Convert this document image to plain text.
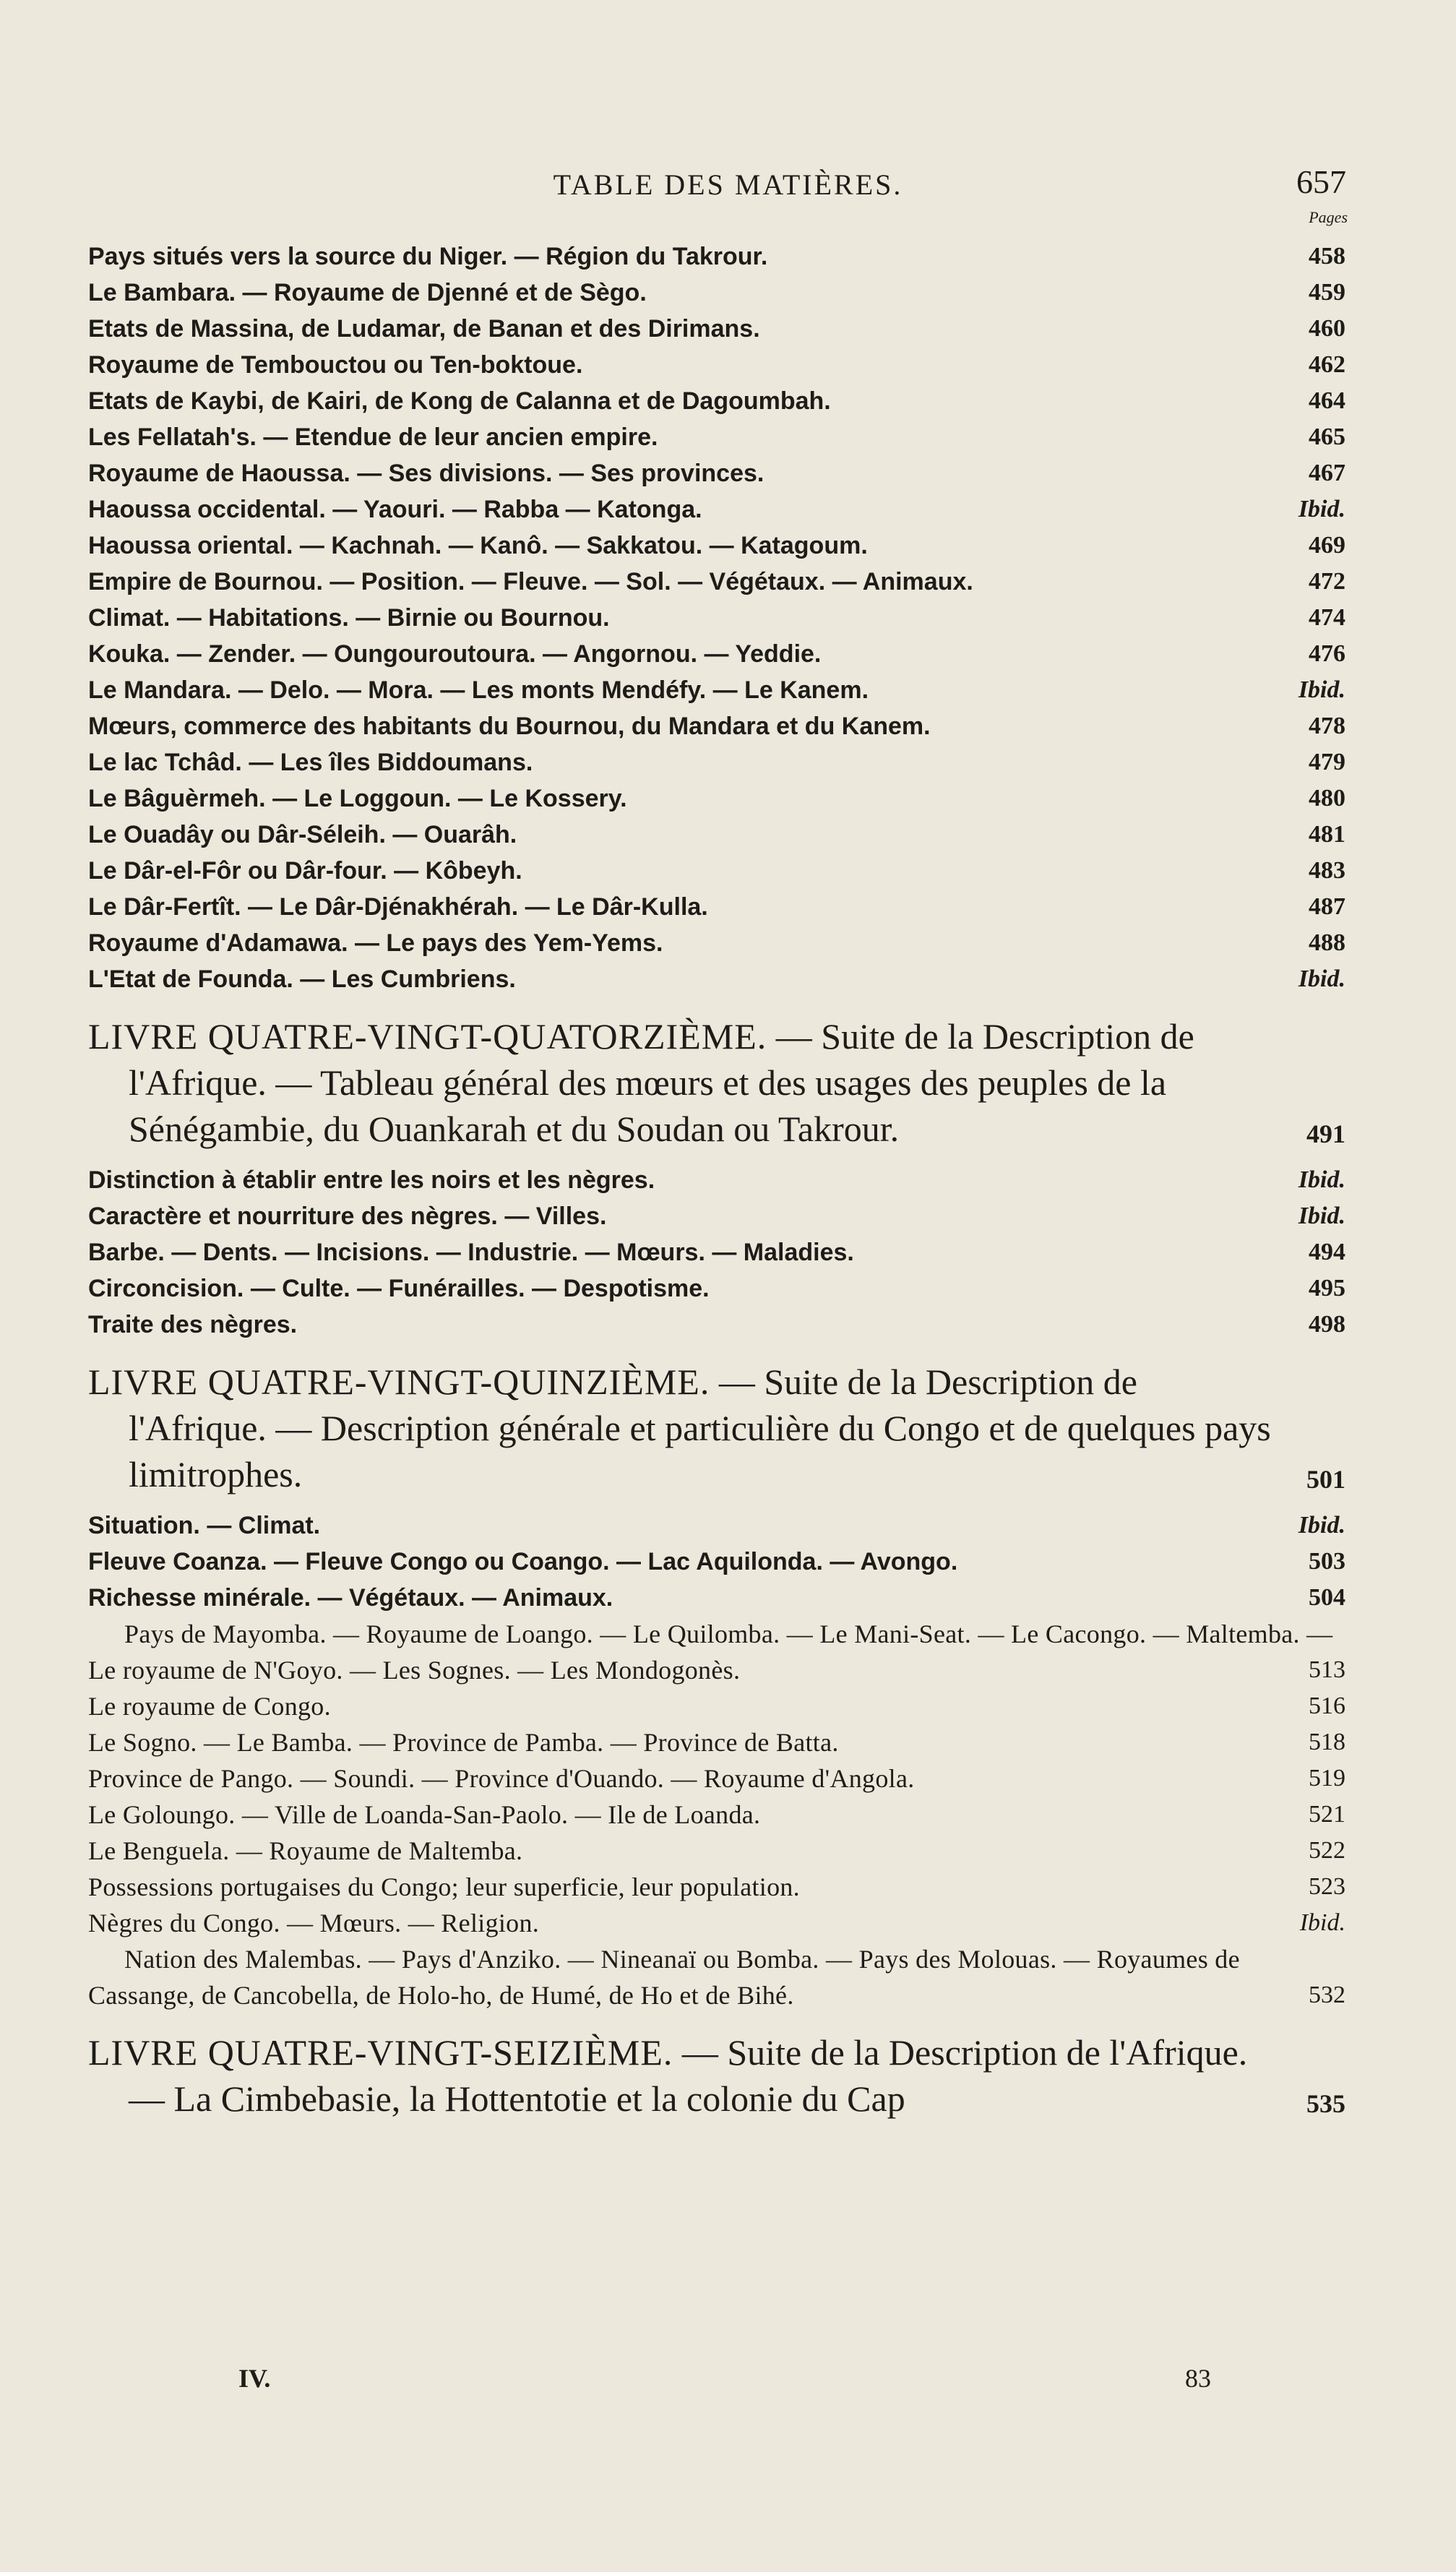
TABLE DES MATIÈRES.	657
Pages
Pays situés vers la source du Niger. — Région du Takrour.	458
Le Bambara. — Royaume de Djenné et de Sègo.	459
Etats de Massina, de Ludamar, de Banan et des Dirimans.	460
Royaume de Tembouctou ou Ten-boktoue.	462
Etats de Kaybi, de Kairi, de Kong de Calanna et de Dagoumbah.	464
Les Fellatah's. — Etendue de leur ancien empire.	465
Royaume de Haoussa. — Ses divisions. — Ses provinces.	467
Haoussa occidental. — Yaouri. — Rabba — Katonga.	Ibid.
Haoussa oriental. — Kachnah. — Kanô. — Sakkatou. — Katagoum.	469
Empire de Bournou. — Position. — Fleuve. — Sol. — Végétaux. — Animaux.	472
Climat. — Habitations. — Birnie ou Bournou.	474
Kouka. — Zender. — Oungouroutoura. — Angornou. — Yeddie.	476
Le Mandara. — Delo. — Mora. — Les monts Mendéfy. — Le Kanem.	Ibid.
Mœurs, commerce des habitants du Bournou, du Mandara et du Kanem.	478
Le lac Tchâd. — Les îles Biddoumans.	479
Le Bâguèrmeh. — Le Loggoun. — Le Kossery.	480
Le Ouadây ou Dâr-Séleih. — Ouarâh.	481
Le Dâr-el-Fôr ou Dâr-four. — Kôbeyh.	483
Le Dâr-Fertît. — Le Dâr-Djénakhérah. — Le Dâr-Kulla.	487
Royaume d'Adamawa. — Le pays des Yem-Yems.	488
L'Etat de Founda. — Les Cumbriens.	Ibid.
LIVRE QUATRE-VINGT-QUATORZIÈME. — Suite de la Description de l'Afrique. — Tableau général des mœurs et des usages des peuples de la Sénégambie, du Ouankarah et du Soudan ou Takrour.	491
Distinction à établir entre les noirs et les nègres.	Ibid.
Caractère et nourriture des nègres. — Villes.	Ibid.
Barbe. — Dents. — Incisions. — Industrie. — Mœurs. — Maladies.	494
Circoncision. — Culte. — Funérailles. — Despotisme.	495
Traite des nègres.	498
LIVRE QUATRE-VINGT-QUINZIÈME. — Suite de la Description de l'Afrique. — Description générale et particulière du Congo et de quelques pays limitrophes.	501
Situation. — Climat.	Ibid.
Fleuve Coanza. — Fleuve Congo ou Coango. — Lac Aquilonda. — Avongo.	503
Richesse minérale. — Végétaux. — Animaux.	504
Pays de Mayomba. — Royaume de Loango. — Le Quilomba. — Le Mani-Seat. — Le Cacongo. — Maltemba. — Le royaume de N'Goyo. — Les Sognes. — Les Mondogonès.	513
Le royaume de Congo.	516
Le Sogno. — Le Bamba. — Province de Pamba. — Province de Batta.	518
Province de Pango. — Soundi. — Province d'Ouando. — Royaume d'Angola.	519
Le Goloungo. — Ville de Loanda-San-Paolo. — Ile de Loanda.	521
Le Benguela. — Royaume de Maltemba.	522
Possessions portugaises du Congo; leur superficie, leur population.	523
Nègres du Congo. — Mœurs. — Religion.	Ibid.
Nation des Malembas. — Pays d'Anziko. — Nineanaï ou Bomba. — Pays des Molouas. — Royaumes de Cassange, de Cancobella, de Holo-ho, de Humé, de Ho et de Bihé.	532
LIVRE QUATRE-VINGT-SEIZIÈME. — Suite de la Description de l'Afrique. — La Cimbebasie, la Hottentotie et la colonie du Cap	535
IV.	83
